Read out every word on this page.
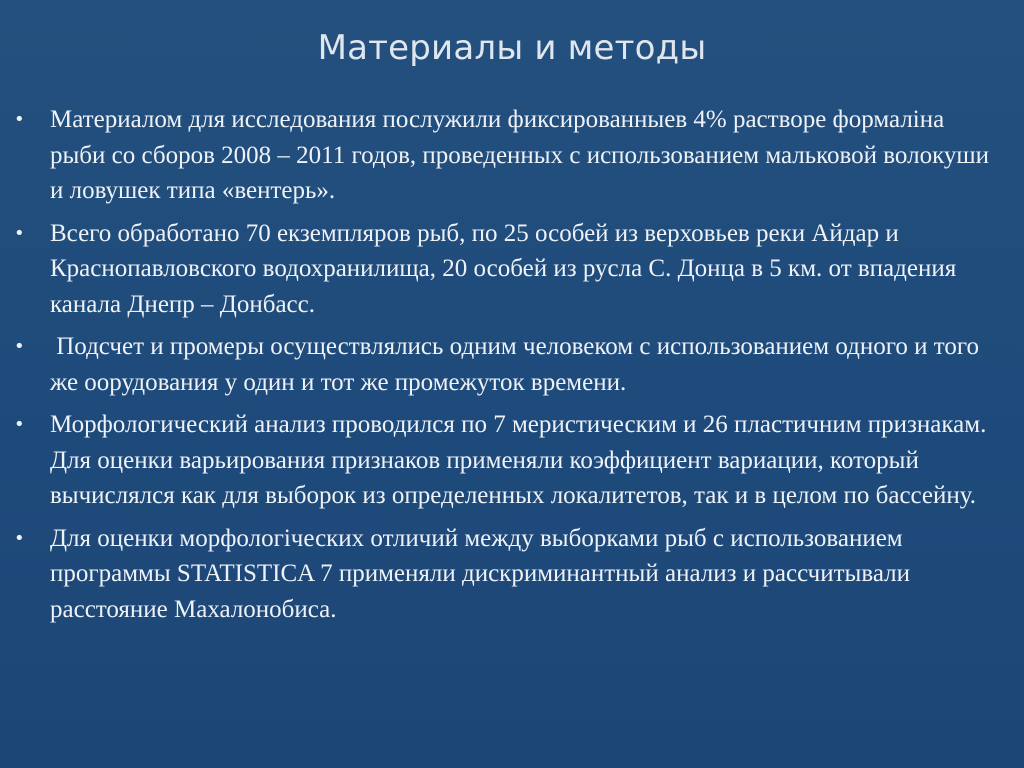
Материалы и методы
•	Материалом для исследования послужили фиксированныев 4% растворе формаліна рыби со сборов 2008 – 2011 годов, проведенных с использованием мальковой волокуши и ловушек типа «вентерь».
•	Всего обработано 70 екземпляров рыб, по 25 особей из верховьев реки Айдар и Краснопавловского водохранилища, 20 особей из русла С. Донца в 5 км. от впадения канала Днепр – Донбасс.
•	Подсчет и промеры осуществлялись одним человеком с использованием одного и того же оорудования у один и тот же промежуток времени.
•	Морфологический анализ проводился по 7 меристическим и 26 пластичним признакам. Для оценки варьирования признаков применяли коэффициент вариации, который вычислялся как для выборок из определенных локалитетов, так и в целом по бассейну.
•	Для оценки морфологіческих отличий между выборками рыб с использованием программы STATISTICA 7 применяли дискриминантный анализ и рассчитывали расстояние Махалонобиса.
